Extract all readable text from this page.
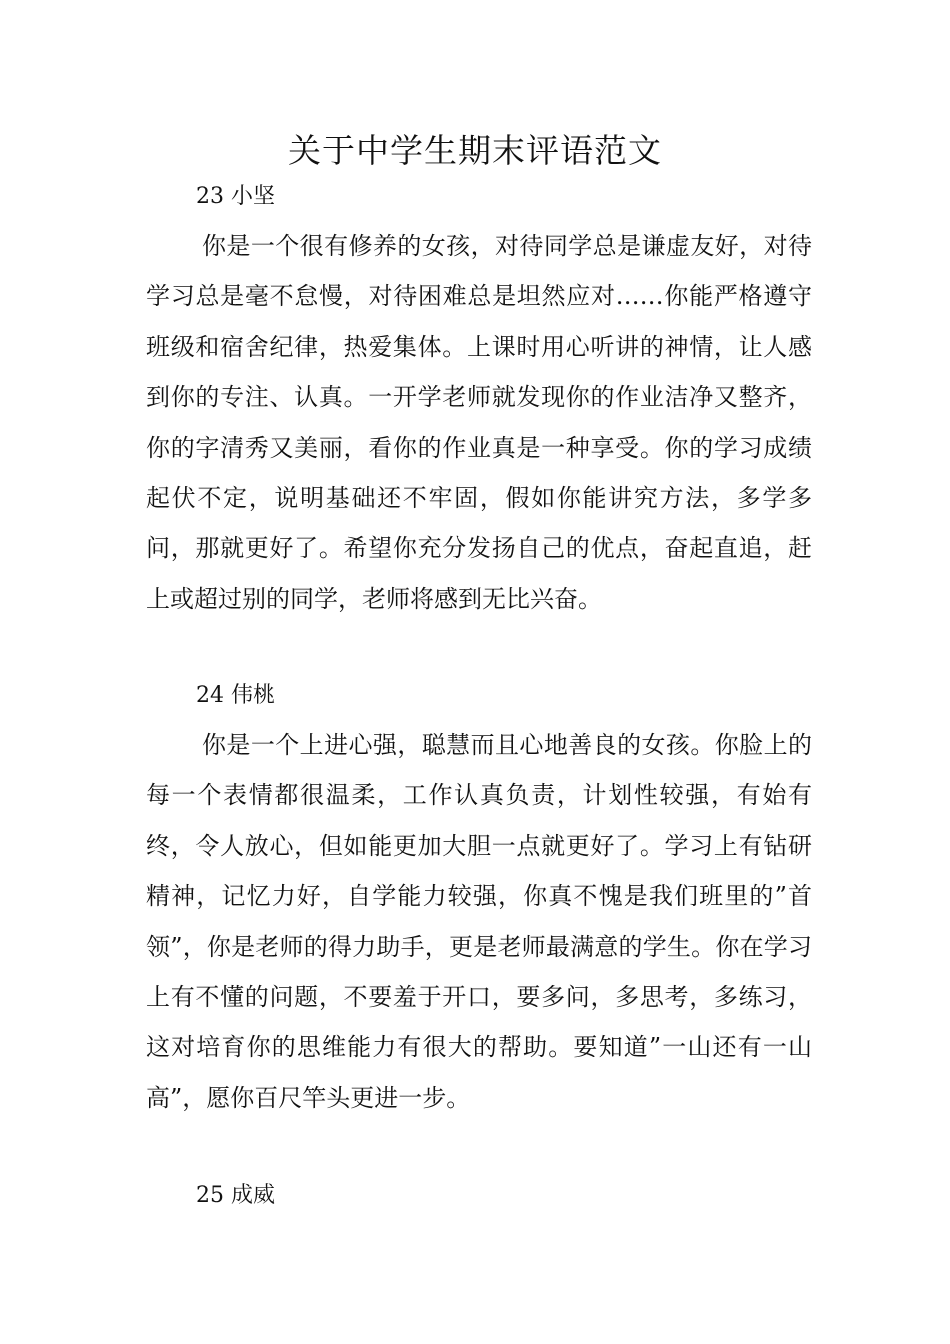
关于中学生期末评语范文

23 小坚

你是一个很有修养的女孩，对待同学总是谦虚友好，对待学习总是毫不怠慢，对待困难总是坦然应对……你能严格遵守班级和宿舍纪律，热爱集体。上课时用心听讲的神情，让人感到你的专注、认真。一开学老师就发现你的作业洁净又整齐，你的字清秀又美丽，看你的作业真是一种享受。你的学习成绩起伏不定，说明基础还不牢固，假如你能讲究方法，多学多问，那就更好了。希望你充分发扬自己的优点，奋起直追，赶上或超过别的同学，老师将感到无比兴奋。

24 伟桃

你是一个上进心强，聪慧而且心地善良的女孩。你脸上的每一个表情都很温柔，工作认真负责，计划性较强，有始有终，令人放心，但如能更加大胆一点就更好了。学习上有钻研精神，记忆力好，自学能力较强，你真不愧是我们班里的”首领”，你是老师的得力助手，更是老师最满意的学生。你在学习上有不懂的问题，不要羞于开口，要多问，多思考，多练习，这对培育你的思维能力有很大的帮助。要知道”一山还有一山高”，愿你百尺竿头更进一步。

25 成威
